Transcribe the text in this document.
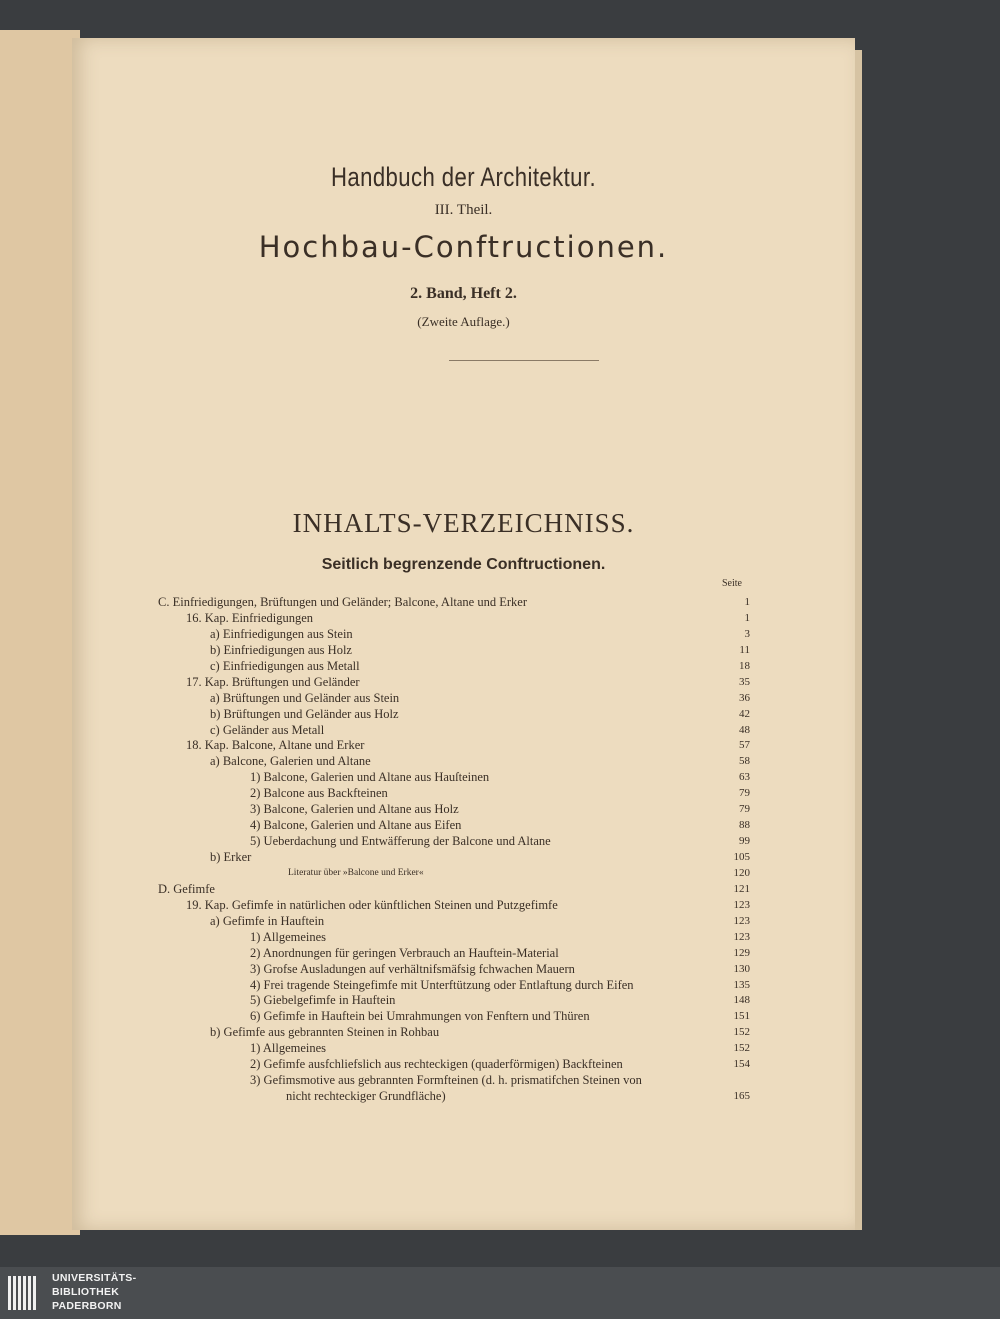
Handbuch der Architektur.
III. Theil.
Hochbau-Conftructionen.
2. Band, Heft 2.
(Zweite Auflage.)
INHALTS-VERZEICHNISS.
Seitlich begrenzende Conftructionen.
Seite
C. Einfriedigungen, Brüftungen und Geländer; Balcone, Altane und Erker	1
16. Kap. Einfriedigungen	1
a) Einfriedigungen aus Stein	3
b) Einfriedigungen aus Holz	11
c) Einfriedigungen aus Metall	18
17. Kap. Brüftungen und Geländer	35
a) Brüftungen und Geländer aus Stein	36
b) Brüftungen und Geländer aus Holz	42
c) Geländer aus Metall	48
18. Kap. Balcone, Altane und Erker	57
a) Balcone, Galerien und Altane	58
1) Balcone, Galerien und Altane aus Hauſteinen	63
2) Balcone aus Backfteinen	79
3) Balcone, Galerien und Altane aus Holz	79
4) Balcone, Galerien und Altane aus Eifen	88
5) Ueberdachung und Entwäfferung der Balcone und Altane	99
b) Erker	105
Literatur über »Balcone und Erker«	120
D. Gefimfe	121
19. Kap. Gefimfe in natürlichen oder künftlichen Steinen und Putzgefimfe	123
a) Gefimfe in Hauftein	123
1) Allgemeines	123
2) Anordnungen für geringen Verbrauch an Hauftein-Material	129
3) Grofse Ausladungen auf verhältnifsmäfsig fchwachen Mauern	130
4) Frei tragende Steingefimfe mit Unterftützung oder Entlaftung durch Eifen	135
5) Giebelgefimfe in Hauftein	148
6) Gefimfe in Hauftein bei Umrahmungen von Fenftern und Thüren	151
b) Gefimfe aus gebrannten Steinen in Rohbau	152
1) Allgemeines	152
2) Gefimfe ausfchliefslich aus rechteckigen (quaderförmigen) Backfteinen	154
3) Gefimsmotive aus gebrannten Formfteinen (d. h. prismatifchen Steinen von
nicht rechteckiger Grundfläche)	165
UNIVERSITÄTS-
BIBLIOTHEK
PADERBORN
